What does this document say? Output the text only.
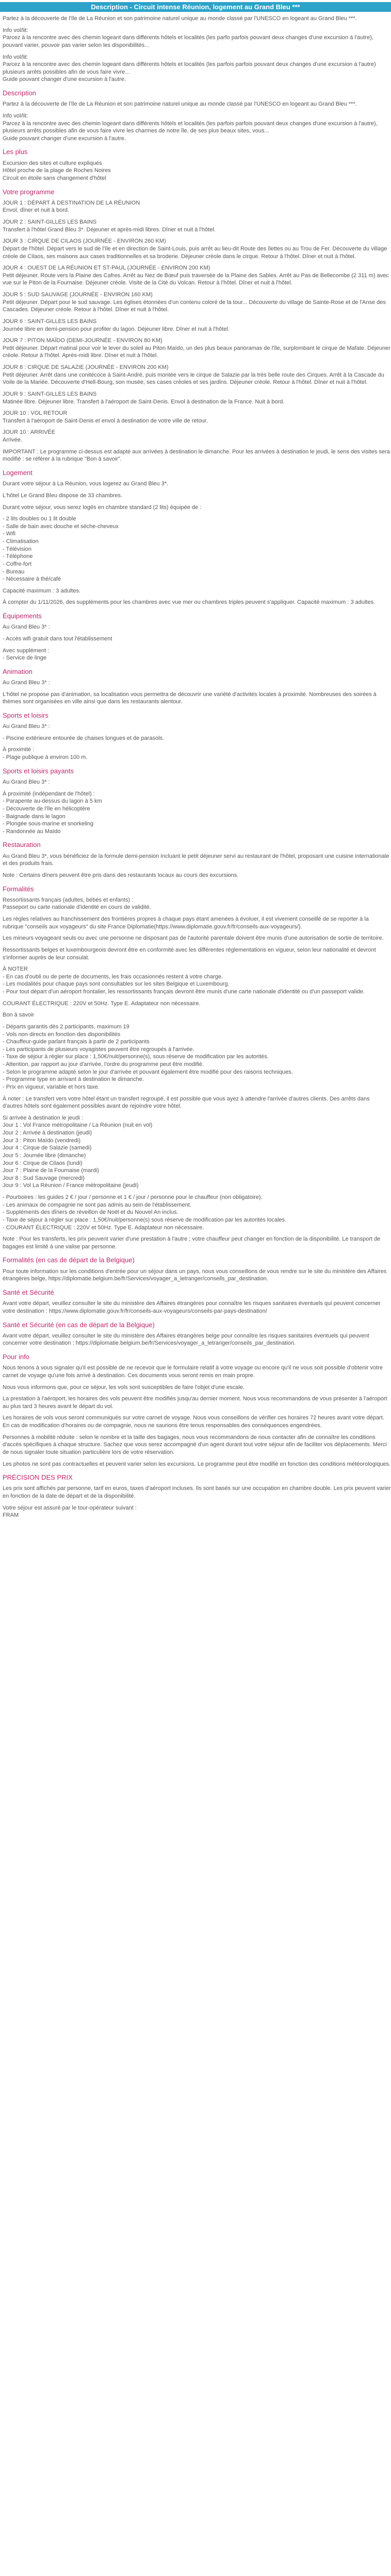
Description - Circuit intense Réunion, logement au Grand Bleu ***

Partez à la découverte de l'île de La Réunion et son patrimoine naturel unique au monde classé par l'UNESCO en logeant au Grand Bleu ***.

Info vol/lit:
Parcez à la rencontre avec des chemin logeant dans différents hôtels et localités (les parfo parfois pouvant deux changes d'une excursion à l'autre), pouvant varier, pouvoir pas varier selon les disponibilités...

Info vol/lit:
Parcez à la rencontre avec des chemin logeant dans différents hôtels et localités (les parfois parfois pouvant deux changes d'une excursion à l'autre) plusieurs arrêts possibles afin de vous faire vivre...
Guide pouvant changer d'une excursion à l'autre.

Description

Partez à la découverte de l'île de La Réunion et son patrimoine naturel unique au monde classé par l'UNESCO en logeant au Grand Bleu ***.

Info vol/lit:
Parcez à la rencontre avec des chemin logeant dans différents hôtels et localités (les parfois parfois pouvant deux changes d'une excursion à l'autre), plusieurs arrêts possibles afin de vous faire vivre les charmes de notre île, de ses plus beaux sites, vous...
Guide pouvant changer d'une excursion à l'autre.

Les plus

Excursion des sites et culture expliqués
Hôtel proche de la plage de Roches Noires
Circuit en étoile sans changement d'hôtel

Votre programme

JOUR 1 : DÉPART À DESTINATION DE LA RÉUNION
Envol, dîner et nuit à bord.

JOUR 2 : SAINT-GILLES LES BAINS
Transfert à l'hôtel Grand Bleu 3*. Déjeuner et après-midi libres. Dîner et nuit à l'hôtel.

JOUR 3 : CIRQUE DE CILAOS (JOURNÉE - ENVIRON 260 KM)
Départ de l'hôtel. Départ vers le sud de l'île et en direction de Saint-Louis, puis arrêt au lieu-dit Route des îlettes ou au Trou de Fer. Découverte du village créole de Cilaos, ses maisons aux cases traditionnelles et sa broderie. Déjeuner créole dans le cirque. Retour à l'hôtel. Dîner et nuit à l'hôtel.

JOUR 4 : OUEST DE LA RÉUNION ET ST-PAUL (JOURNÉE - ENVIRON 200 KM)
Petit déjeuner. Route vers la Plaine des Cafres. Arrêt au Nez de Bœuf puis traversée de la Plaine des Sables. Arrêt au Pas de Bellecombe (2 311 m) avec vue sur le Piton de la Fournaise. Déjeuner créole. Visite de la Cité du Volcan. Retour à l'hôtel. Dîner et nuit à l'hôtel.

JOUR 5 : SUD SAUVAGE (JOURNÉE - ENVIRON 160 KM)
Petit déjeuner. Départ pour le sud sauvage. Les églises étonnées d'un contenu coloré de la tour... Découverte du village de Sainte-Rose et de l'Anse des Cascades. Déjeuner créole. Retour à l'hôtel. Dîner et nuit à l'hôtel.

JOUR 6 : SAINT-GILLES LES BAINS
Journée libre en demi-pension pour profiter du lagon. Déjeuner libre. Dîner et nuit à l'hôtel.

JOUR 7 : PITON MAÏDO (DEMI-JOURNÉE - ENVIRON 80 KM)
Petit déjeuner. Départ matinal pour voir le lever du soleil au Piton Maïdo, un des plus beaux panoramas de l'île, surplombant le cirque de Mafate. Déjeuner créole. Retour à l'hôtel. Après-midi libre. Dîner et nuit à l'hôtel.

JOUR 8 : CIRQUE DE SALAZIE (JOURNÉE - ENVIRON 200 KM)
Petit déjeuner. Arrêt dans une conitécoce à Saint-André, puis montée vers le cirque de Salazie par la très belle route des Cirques. Arrêt à la Cascade du Voile de la Mariée. Découverte d'Hell-Bourg, son musée, ses cases créoles et ses jardins. Déjeuner créole. Retour à l'hôtel. Dîner et nuit à l'hôtel.

JOUR 9 : SAINT-GILLES LES BAINS
Matinée libre. Déjeuner libre. Transfert à l'aéroport de Saint-Denis. Envol à destination de la France. Nuit à bord.

JOUR 10 : VOL RETOUR
Transfert à l'aéroport de Saint-Denis et envol à destination de votre ville de retour.

JOUR 10 : ARRIVÉE
Arrivée.

IMPORTANT : Le programme ci-dessus est adapté aux arrivées à destination le dimanche. Pour les arrivées à destination le jeudi, le sens des visites sera modifié : se référer à la rubrique "Bon à savoir".

Logement

Durant votre séjour à La Réunion, vous logerez au Grand Bleu 3*.

L'hôtel Le Grand Bleu dispose de 33 chambres.

Durant votre séjour, vous serez logés en chambre standard (2 lits) équipée de :

- 2 lits doubles ou 1 lit double
- Salle de bain avec douche et sèche-cheveux
- Wifi
- Climatisation
- Télévision
- Téléphone
- Coffre-fort
- Bureau
- Nécessaire à thé/café

Capacité maximum : 3 adultes.

À compter du 1/11/2026, des suppléments pour les chambres avec vue mer ou chambres triples peuvent s'appliquer. Capacité maximum : 3 adultes.

Équipements

Au Grand Bleu 3* :

- Accès wifi gratuit dans tout l'établissement

Avec supplément :
- Service de linge

Animation

Au Grand Bleu 3* :

L'hôtel ne propose pas d'animation, sa localisation vous permettra de découvrir une variété d'activités locales à proximité. Nombreuses des soirées à thèmes sont organisées en ville ainsi que dans les restaurants alentour.

Sports et loisirs

Au Grand Bleu 3* :

- Piscine extérieure entourée de chaises longues et de parasols.

À proximité :
- Plage publique à environ 100 m.

Sports et loisirs payants

Au Grand Bleu 3* :

À proximité (indépendant de l'hôtel) :
- Parapente au-dessus du lagon à 5 km
- Découverte de l'île en hélicoptère
- Baignade dans le lagon
- Plongée sous-marine et snorkeling
- Randonnée au Maïdo

Restauration

Au Grand Bleu 3*, vous bénéficiez de la formule demi-pension incluant le petit déjeuner servi au restaurant de l'hôtel, proposant une cuisine internationale et des produits frais.

Note : Certains dîners peuvent être pris dans des restaurants locaux au cours des excursions.

Formalités

Ressortissants français (adultes, bébés et enfants) :
Passeport ou carte nationale d'identité en cours de validité.

Les règles relatives au franchissement des frontières propres à chaque pays étant amenées à évoluer, il est vivement conseillé de se reporter à la rubrique "conseils aux voyageurs" du site France Diplomatie(https://www.diplomatie.gouv.fr/fr/conseils-aux-voyageurs/).

Les mineurs voyageant seuls ou avec une personne ne disposant pas de l'autorité parentale doivent être munis d'une autorisation de sortie de territoire.

Ressortissants belges et luxembourgeois devront être en conformité avec les différentes réglementations en vigueur, selon leur nationalité et devront s'informer auprès de leur consulat.

À NOTER
- En cas d'oubli ou de perte de documents, les frais occasionnés restent à votre charge.
- Les modalités pour chaque pays sont consultables sur les sites Belgique et Luxembourg.
- Pour tout départ d'un aéroport frontalier, les ressortissants français devront être munis d'une carte nationale d'identité ou d'un passeport valide.

COURANT ÉLECTRIQUE : 220V et 50Hz. Type E. Adaptateur non nécessaire.

Bon à savoir

- Départs garantis dès 2 participants, maximum 19
- Vols non directs en fonction des disponibilités
- Chauffeur-guide parlant français à partir de 2 participants
- Les participants de plusieurs voyagistes peuvent être regroupés à l'arrivée.
- Taxe de séjour à régler sur place : 1,50€/nuit/personne(s), sous réserve de modification par les autorités.
- Attention, par rapport au jour d'arrivée, l'ordre du programme peut être modifié.
- Selon le programme adapté selon le jour d'arrivée et pouvant également être modifié pour des raisons techniques.
- Programme type en arrivant à destination le dimanche.
- Prix en vigueur, variable et hors taxe.

À noter : Le transfert vers votre hôtel étant un transfert regroupé, il est possible que vous ayez à attendre l'arrivée d'autres clients. Des arrêts dans d'autres hôtels sont également possibles avant de rejoindre votre hôtel.

Si arrivée à destination le jeudi :
Jour 1 : Vol France métropolitaine / La Réunion (nuit en vol)
Jour 2 : Arrivée à destination (jeudi)
Jour 3 : Piton Maïdo (vendredi)
Jour 4 : Cirque de Salazie (samedi)
Jour 5 : Journée libre (dimanche)
Jour 6 : Cirque de Cilaos (lundi)
Jour 7 : Plaine de la Fournaise (mardi)
Jour 8 : Sud Sauvage (mercredi)
Jour 9 : Vol La Réunion / France métropolitaine (jeudi)

- Pourboires : les guides 2 € / jour / personne et 1 € / jour / personne pour le chauffeur (non obligatoire).
- Les animaux de compagnie ne sont pas admis au sein de l'établissement.
- Suppléments des dîners de réveillon de Noël et du Nouvel An inclus.
- Taxe de séjour à régler sur place : 1,50€/nuit/personne(s) sous réserve de modification par les autorités locales.
- COURANT ÉLECTRIQUE : 220V et 50Hz. Type E. Adaptateur non nécessaire.

Note : Pour les transferts, les prix peuvent varier d'une prestation à l'autre ; votre chauffeur peut changer en fonction de la disponibilité. Le transport de bagages est limité à une valise par personne.

Formalités (en cas de départ de la Belgique)

Pour toute information sur les conditions d'entrée pour un séjour dans un pays, nous vous conseillons de vous rendre sur le site du ministère des Affaires étrangères belge, https://diplomatie.belgium.be/fr/Services/voyager_a_letranger/conseils_par_destination.

Santé et Sécurité

Avant votre départ, veuillez consulter le site du ministère des Affaires étrangères pour connaître les risques sanitaires éventuels qui peuvent concerner votre destination : https://www.diplomatie.gouv.fr/fr/conseils-aux-voyageurs/conseils-par-pays-destination/

Santé et Sécurité (en cas de départ de la Belgique)

Avant votre départ, veuillez consulter le site du ministère des Affaires étrangères belge pour connaître les risques sanitaires éventuels qui peuvent concerner votre destination : https://diplomatie.belgium.be/fr/Services/voyager_a_letranger/conseils_par_destination.

Pour info

Nous tenons à vous signaler qu'il est possible de ne recevoir que le formulaire relatif à votre voyage ou encore qu'il ne vous soit possible d'obtenir votre carnet de voyage qu'une fois arrivé à destination. Ces documents vous seront remis en main propre.

Nous vous informons que, pour ce séjour, les vols sont susceptibles de faire l'objet d'une escale.

La prestation à l'aéroport, les horaires des vols peuvent être modifiés jusqu'au dernier moment. Nous vous recommandons de vous présenter à l'aéroport au plus tard 3 heures avant le départ du vol.

Les horaires de vols vous seront communiqués sur votre carnet de voyage. Nous vous conseillons de vérifier ces horaires 72 heures avant votre départ. En cas de modification d'horaires ou de compagnie, nous ne saurions être tenus responsables des conséquences engendrées.

Personnes à mobilité réduite : selon le nombre et la taille des bagages, nous vous recommandons de nous contacter afin de connaître les conditions d'accès spécifiques à chaque structure. Sachez que vous serez accompagné d'un agent durant tout votre séjour afin de faciliter vos déplacements. Merci de nous signaler toute situation particulière lors de votre réservation.

Les photos ne sont pas contractuelles et peuvent varier selon les excursions. Le programme peut être modifié en fonction des conditions météorologiques.

PRÉCISION DES PRIX

Les prix sont affichés par personne, tarif en euros, taxes d'aéroport incluses. Ils sont basés sur une occupation en chambre double. Les prix peuvent varier en fonction de la date de départ et de la disponibilité.

Votre séjour est assuré par le tour-opérateur suivant :
FRAM
